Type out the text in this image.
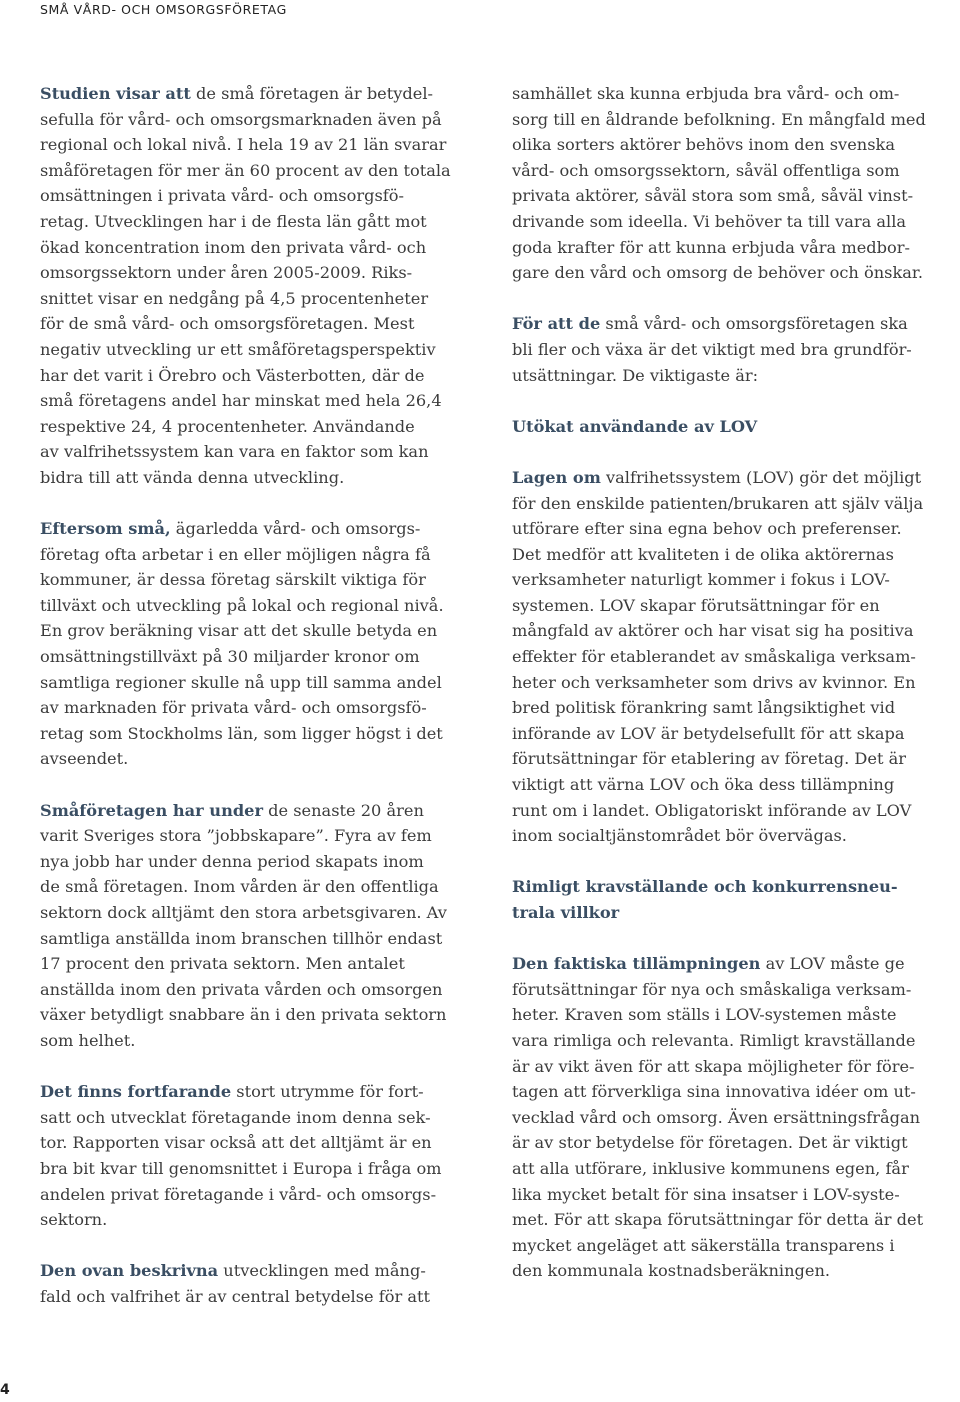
SMÅ VÅRD- OCH OMSORGSFÖRETAG

Studien visar att de små företagen är betydel-
sefulla för vård- och omsorgsmarknaden även på
regional och lokal nivå. I hela 19 av 21 län svarar
småföretagen för mer än 60 procent av den totala
omsättningen i privata vård- och omsorgsfö-
retag. Utvecklingen har i de flesta län gått mot
ökad koncentration inom den privata vård- och
omsorgssektorn under åren 2005-2009. Riks-
snittet visar en nedgång på 4,5 procentenheter
för de små vård- och omsorgsföretagen. Mest
negativ utveckling ur ett småföretagsperspektiv
har det varit i Örebro och Västerbotten, där de
små företagens andel har minskat med hela 26,4
respektive 24, 4 procentenheter. Användande
av valfrihetssystem kan vara en faktor som kan
bidra till att vända denna utveckling.

Eftersom små, ägarledda vård- och omsorgs-
företag ofta arbetar i en eller möjligen några få
kommuner, är dessa företag särskilt viktiga för
tillväxt och utveckling på lokal och regional nivå.
En grov beräkning visar att det skulle betyda en
omsättningstillväxt på 30 miljarder kronor om
samtliga regioner skulle nå upp till samma andel
av marknaden för privata vård- och omsorgsfö-
retag som Stockholms län, som ligger högst i det
avseendet.

Småföretagen har under de senaste 20 åren
varit Sveriges stora ”jobbskapare”. Fyra av fem
nya jobb har under denna period skapats inom
de små företagen. Inom vården är den offentliga
sektorn dock alltjämt den stora arbetsgivaren. Av
samtliga anställda inom branschen tillhör endast
17 procent den privata sektorn. Men antalet
anställda inom den privata vården och omsorgen
växer betydligt snabbare än i den privata sektorn
som helhet.

Det finns fortfarande stort utrymme för fort-
satt och utvecklat företagande inom denna sek-
tor. Rapporten visar också att det alltjämt är en
bra bit kvar till genomsnittet i Europa i fråga om
andelen privat företagande i vård- och omsorgs-
sektorn.

Den ovan beskrivna utvecklingen med mång-
fald och valfrihet är av central betydelse för att

samhället ska kunna erbjuda bra vård- och om-
sorg till en åldrande befolkning. En mångfald med
olika sorters aktörer behövs inom den svenska
vård- och omsorgssektorn, såväl offentliga som
privata aktörer, såväl stora som små, såväl vinst-
drivande som ideella. Vi behöver ta till vara alla
goda krafter för att kunna erbjuda våra medbor-
gare den vård och omsorg de behöver och önskar.

För att de små vård- och omsorgsföretagen ska
bli fler och växa är det viktigt med bra grundför-
utsättningar. De viktigaste är:

Utökat användande av LOV

Lagen om valfrihetssystem (LOV) gör det möjligt
för den enskilde patienten/brukaren att själv välja
utförare efter sina egna behov och preferenser.
Det medför att kvaliteten i de olika aktörernas
verksamheter naturligt kommer i fokus i LOV-
systemen. LOV skapar förutsättningar för en
mångfald av aktörer och har visat sig ha positiva
effekter för etablerandet av småskaliga verksam-
heter och verksamheter som drivs av kvinnor. En
bred politisk förankring samt långsiktighet vid
införande av LOV är betydelsefullt för att skapa
förutsättningar för etablering av företag. Det är
viktigt att värna LOV och öka dess tillämpning
runt om i landet. Obligatoriskt införande av LOV
inom socialtjänstområdet bör övervägas.

Rimligt kravställande och konkurrensneu-
trala villkor

Den faktiska tillämpningen av LOV måste ge
förutsättningar för nya och småskaliga verksam-
heter. Kraven som ställs i LOV-systemen måste
vara rimliga och relevanta. Rimligt kravställande
är av vikt även för att skapa möjligheter för före-
tagen att förverkliga sina innovativa idéer om ut-
vecklad vård och omsorg. Även ersättningsfrågan
är av stor betydelse för företagen. Det är viktigt
att alla utförare, inklusive kommunens egen, får
lika mycket betalt för sina insatser i LOV-syste-
met. För att skapa förutsättningar för detta är det
mycket angeläget att säkerställa transparens i
den kommunala kostnadsberäkningen.

4
